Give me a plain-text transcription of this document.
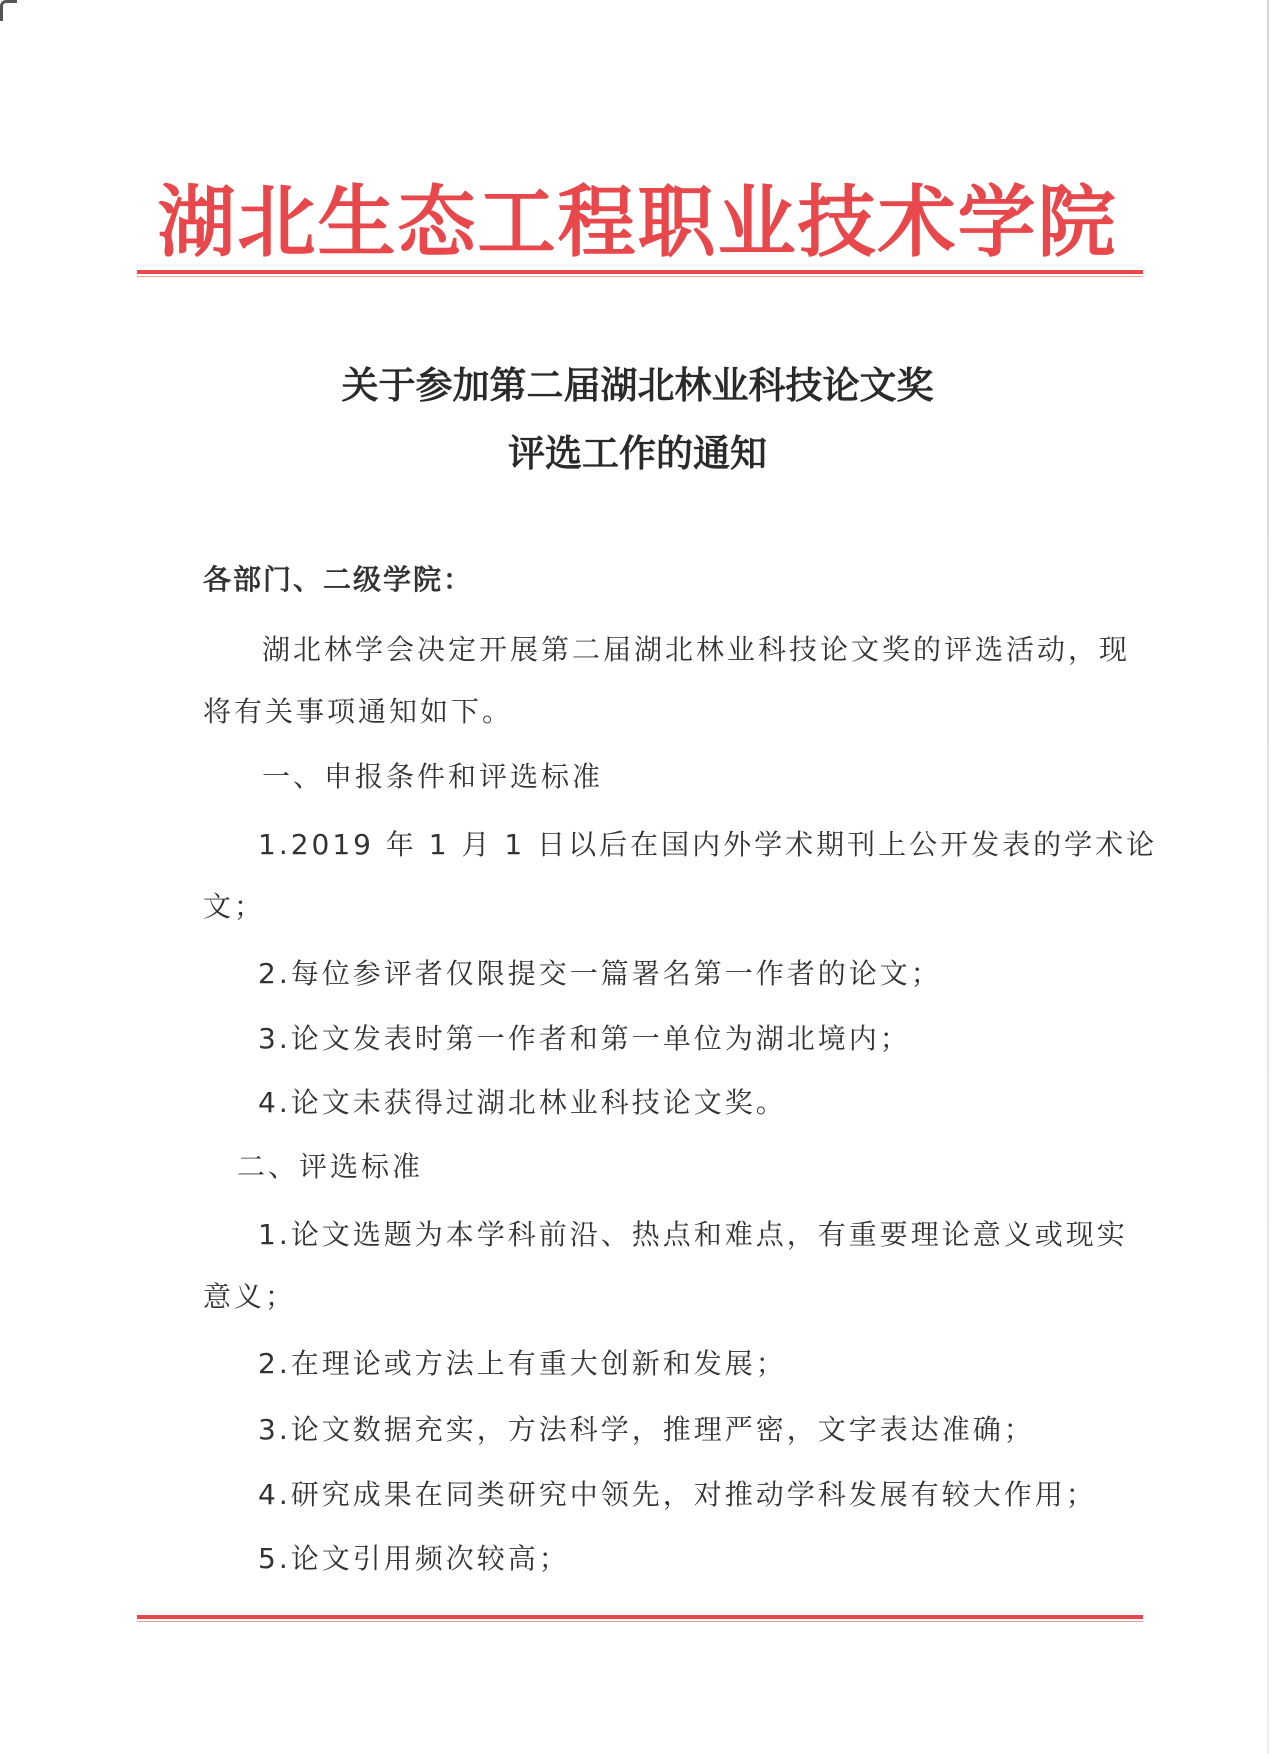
湖北生态工程职业技术学院
关于参加第二届湖北林业科技论文奖
评选工作的通知
各部门、二级学院：
湖北林学会决定开展第二届湖北林业科技论文奖的评选活动，现
将有关事项通知如下。
一、申报条件和评选标准
1.2019 年 1 月 1 日以后在国内外学术期刊上公开发表的学术论
文；
2.每位参评者仅限提交一篇署名第一作者的论文；
3.论文发表时第一作者和第一单位为湖北境内；
4.论文未获得过湖北林业科技论文奖。
二、评选标准
1.论文选题为本学科前沿、热点和难点，有重要理论意义或现实
意义；
2.在理论或方法上有重大创新和发展；
3.论文数据充实，方法科学，推理严密，文字表达准确；
4.研究成果在同类研究中领先，对推动学科发展有较大作用；
5.论文引用频次较高；
